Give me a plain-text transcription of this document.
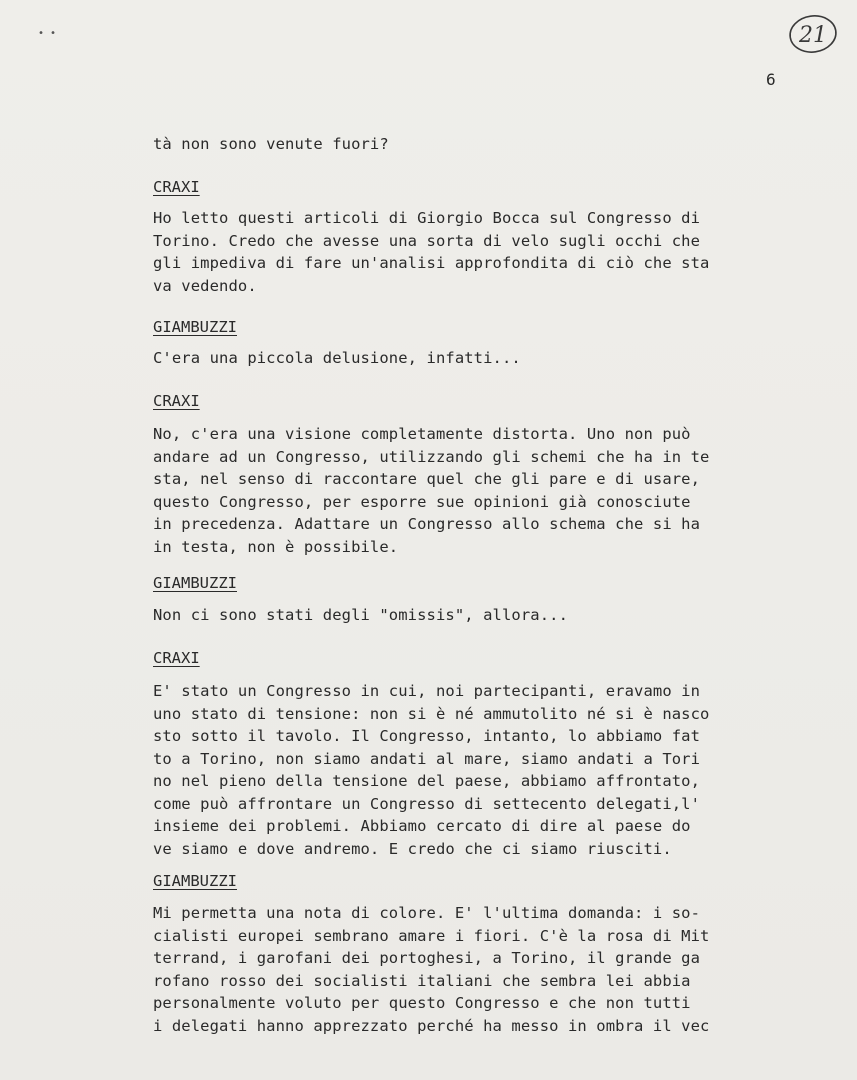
• •	21
6
tà non sono venute fuori?
CRAXI
Ho letto questi articoli di Giorgio Bocca sul Congresso di
Torino. Credo che avesse una sorta di velo sugli occhi che
gli impediva di fare un'analisi approfondita di ciò che sta
va vedendo.
GIAMBUZZI
C'era una piccola delusione, infatti...
CRAXI
No, c'era una visione completamente distorta. Uno non può
andare ad un Congresso, utilizzando gli schemi che ha in te
sta, nel senso di raccontare quel che gli pare e di usare,
questo Congresso, per esporre sue opinioni già conosciute
in precedenza. Adattare un Congresso allo schema che si ha
in testa, non è possibile.
GIAMBUZZI
Non ci sono stati degli "omissis", allora...
CRAXI
E' stato un Congresso in cui, noi partecipanti, eravamo in
uno stato di tensione: non si è né ammutolito né si è nasco
sto sotto il tavolo. Il Congresso, intanto, lo abbiamo fat
to a Torino, non siamo andati al mare, siamo andati a Tori
no nel pieno della tensione del paese, abbiamo affrontato,
come può affrontare un Congresso di settecento delegati,l'
insieme dei problemi. Abbiamo cercato di dire al paese do
ve siamo e dove andremo. E credo che ci siamo riusciti.
GIAMBUZZI
Mi permetta una nota di colore. E' l'ultima domanda: i so-
cialisti europei sembrano amare i fiori. C'è la rosa di Mit
terrand, i garofani dei portoghesi, a Torino, il grande ga
rofano rosso dei socialisti italiani che sembra lei abbia
personalmente voluto per questo Congresso e che non tutti
i delegati hanno apprezzato perché ha messo in ombra il vec
